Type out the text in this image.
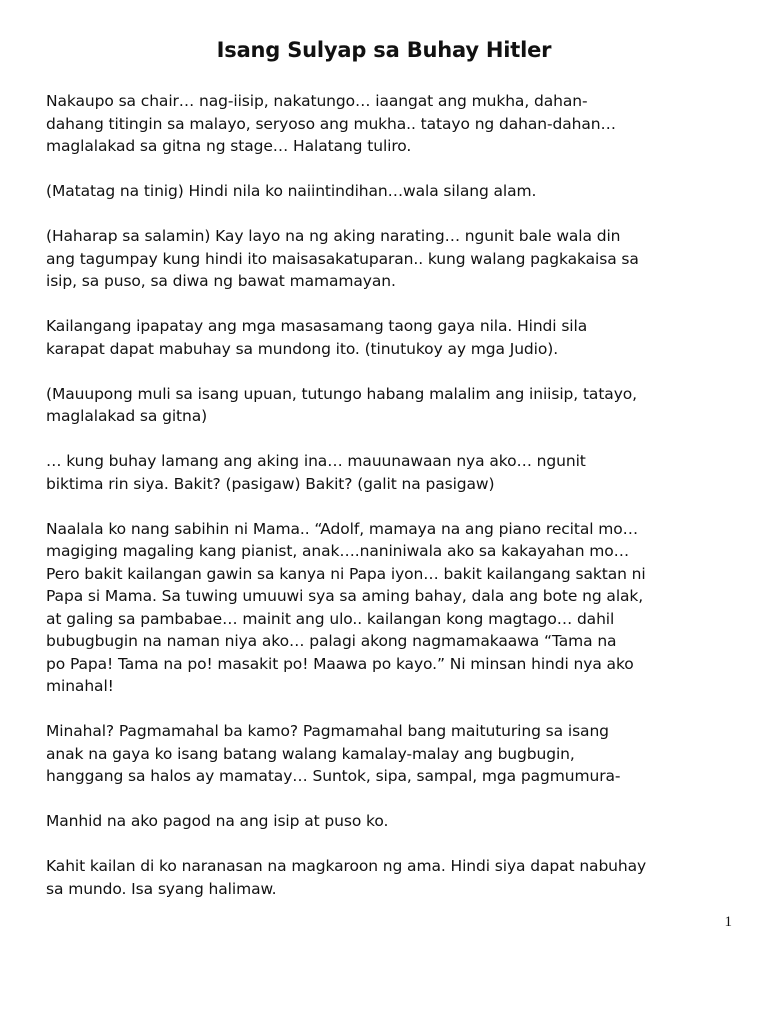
Isang Sulyap sa Buhay Hitler

Nakaupo sa chair… nag-iisip, nakatungo… iaangat ang mukha, dahan-
dahang titingin sa malayo, seryoso ang mukha.. tatayo ng dahan-dahan…
maglalakad sa gitna ng stage… Halatang tuliro.

(Matatag na tinig) Hindi nila ko naiintindihan…wala silang alam.

(Haharap sa salamin) Kay layo na ng aking narating… ngunit bale wala din
ang tagumpay kung hindi ito maisasakatuparan.. kung walang pagkakaisa sa
isip, sa puso, sa diwa ng bawat mamamayan.

Kailangang ipapatay ang mga masasamang taong gaya nila. Hindi sila
karapat dapat mabuhay sa mundong ito. (tinutukoy ay mga Judio).

(Mauupong muli sa isang upuan, tutungo habang malalim ang iniisip, tatayo,
maglalakad sa gitna)

… kung buhay lamang ang aking ina… mauunawaan nya ako… ngunit
biktima rin siya. Bakit? (pasigaw) Bakit? (galit na pasigaw)

Naalala ko nang sabihin ni Mama.. “Adolf, mamaya na ang piano recital mo…
magiging magaling kang pianist, anak….naniniwala ako sa kakayahan mo…
Pero bakit kailangan gawin sa kanya ni Papa iyon… bakit kailangang saktan ni
Papa si Mama. Sa tuwing umuuwi sya sa aming bahay, dala ang bote ng alak,
at galing sa pambabae… mainit ang ulo.. kailangan kong magtago… dahil
bubugbugin na naman niya ako… palagi akong nagmamakaawa “Tama na
po Papa! Tama na po! masakit po! Maawa po kayo.” Ni minsan hindi nya ako
minahal!

Minahal? Pagmamahal ba kamo? Pagmamahal bang maituturing sa isang
anak na gaya ko isang batang walang kamalay-malay ang bugbugin,
hanggang sa halos ay mamatay… Suntok, sipa, sampal, mga pagmumura-

Manhid na ako pagod na ang isip at puso ko.

Kahit kailan di ko naranasan na magkaroon ng ama. Hindi siya dapat nabuhay
sa mundo. Isa syang halimaw.

1
